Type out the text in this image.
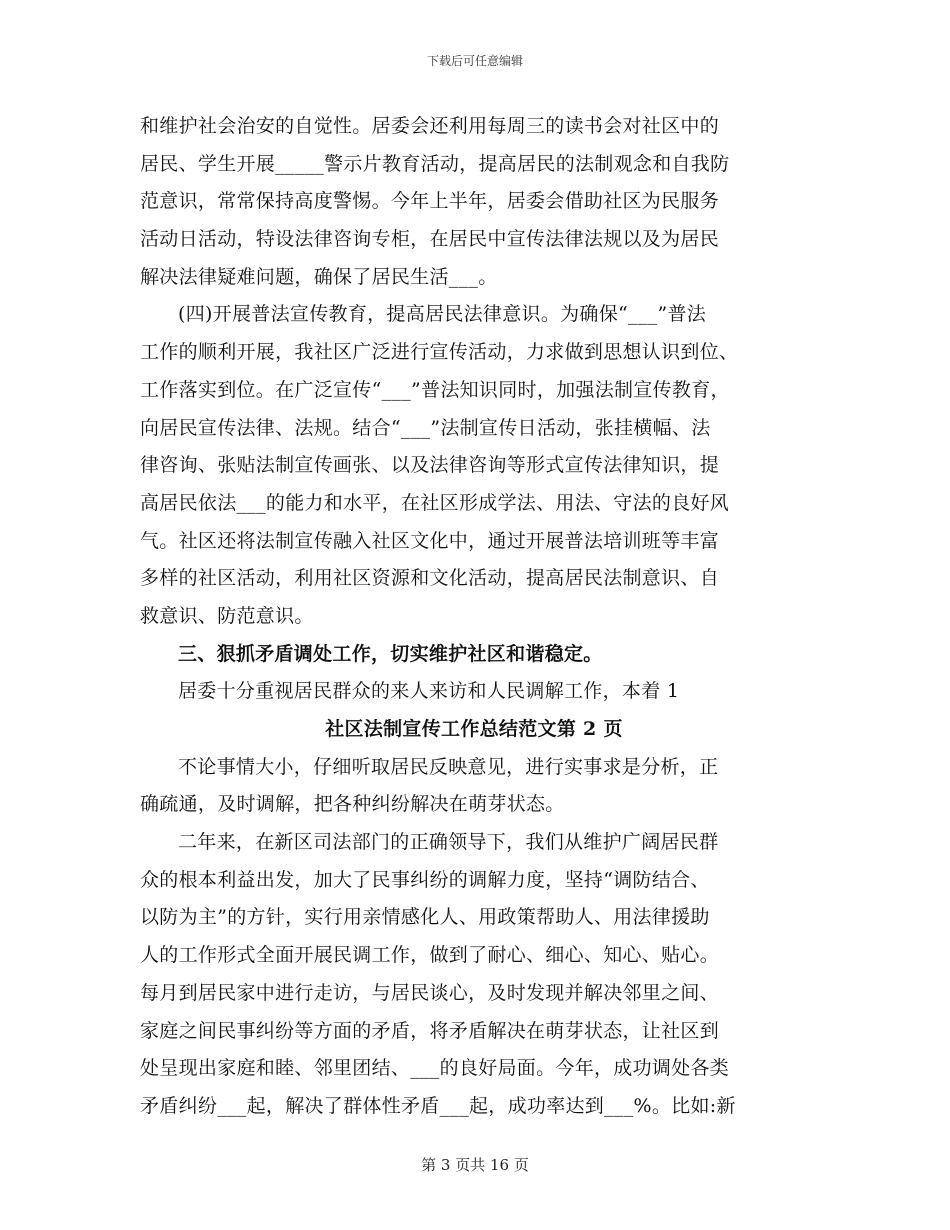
下载后可任意编辑
和维护社会治安的自觉性。居委会还利用每周三的读书会对社区中的
居民、学生开展_____警示片教育活动，提高居民的法制观念和自我防
范意识，常常保持高度警惕。今年上半年，居委会借助社区为民服务
活动日活动，特设法律咨询专柜，在居民中宣传法律法规以及为居民
解决法律疑难问题，确保了居民生活___。
(四)开展普法宣传教育，提高居民法律意识。为确保“___”普法
工作的顺利开展，我社区广泛进行宣传活动，力求做到思想认识到位、
工作落实到位。在广泛宣传“___”普法知识同时，加强法制宣传教育，
向居民宣传法律、法规。结合“___”法制宣传日活动，张挂横幅、法
律咨询、张贴法制宣传画张、以及法律咨询等形式宣传法律知识，提
高居民依法___的能力和水平，在社区形成学法、用法、守法的良好风
气。社区还将法制宣传融入社区文化中，通过开展普法培训班等丰富
多样的社区活动，利用社区资源和文化活动，提高居民法制意识、自
救意识、防范意识。
三、狠抓矛盾调处工作，切实维护社区和谐稳定。
居委十分重视居民群众的来人来访和人民调解工作，本着 1
社区法制宣传工作总结范文第 2 页
不论事情大小，仔细听取居民反映意见，进行实事求是分析，正
确疏通，及时调解，把各种纠纷解决在萌芽状态。
二年来，在新区司法部门的正确领导下，我们从维护广阔居民群
众的根本利益出发，加大了民事纠纷的调解力度，坚持“调防结合、
以防为主”的方针，实行用亲情感化人、用政策帮助人、用法律援助
人的工作形式全面开展民调工作，做到了耐心、细心、知心、贴心。
每月到居民家中进行走访，与居民谈心，及时发现并解决邻里之间、
家庭之间民事纠纷等方面的矛盾，将矛盾解决在萌芽状态，让社区到
处呈现出家庭和睦、邻里团结、___的良好局面。今年，成功调处各类
矛盾纠纷___起，解决了群体性矛盾___起，成功率达到___%。比如:新
第 3 页共 16 页
